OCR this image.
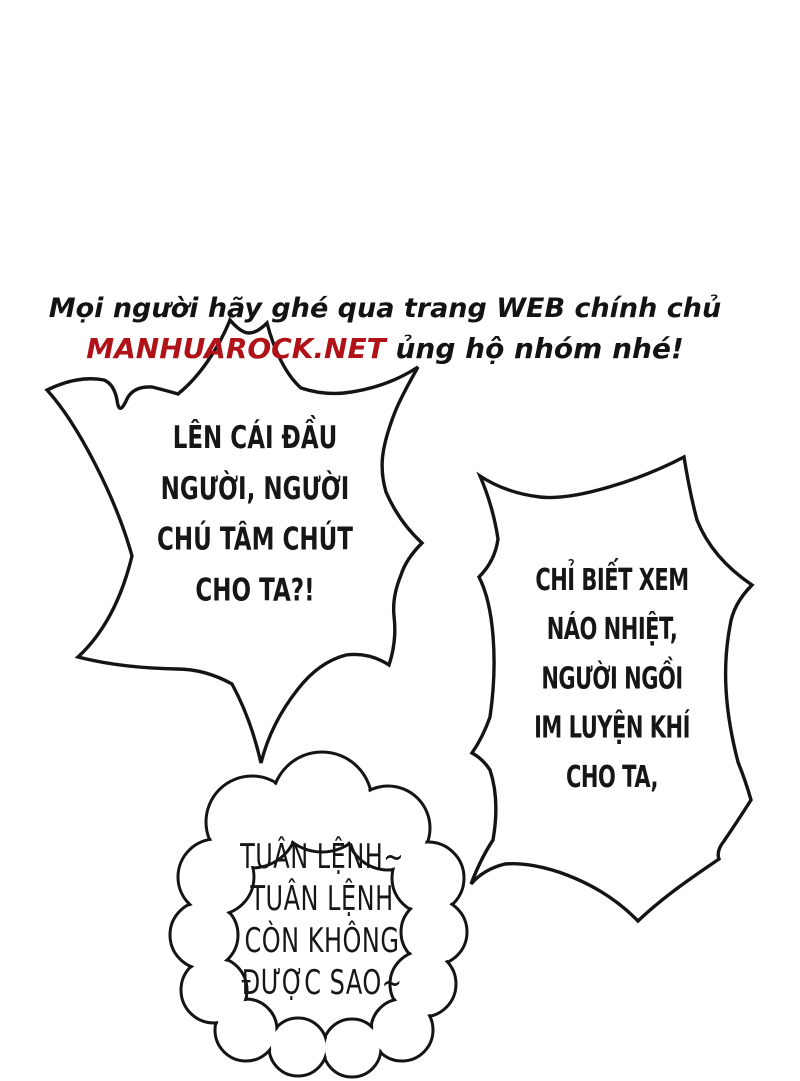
Mọi người hãy ghé qua trang WEB chính chủ
MANHUAROCK.NET ủng hộ nhóm nhé!
LÊN CÁI ĐẦU
NGƯỜI, NGƯỜI
CHÚ TÂM CHÚT
CHO TA?!	CHỈ BIẾT XEM
NÁO NHIỆT,
NGƯỜI NGỒI
IM LUYỆN KHÍ
CHO TA,
TUÂN LỆNH~
TUÂN LỆNH
CÒN KHÔNG
ĐƯỢC SAO~
